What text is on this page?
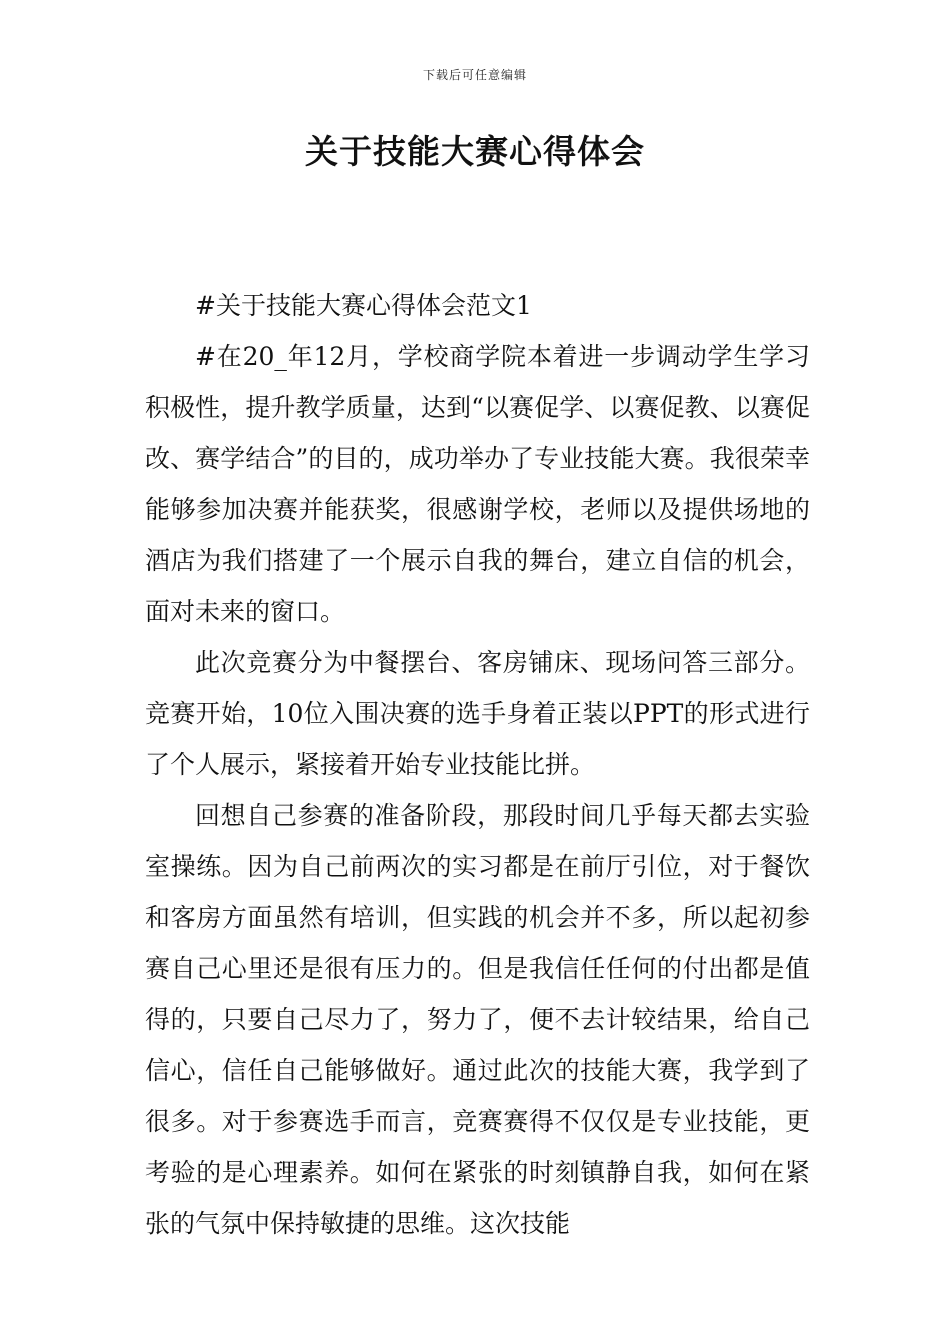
下载后可任意编辑
关于技能大赛心得体会

#关于技能大赛心得体会范文1

#在20_年12月，学校商学院本着进一步调动学生学习积极性，提升教学质量，达到“以赛促学、以赛促教、以赛促改、赛学结合”的目的，成功举办了专业技能大赛。我很荣幸能够参加决赛并能获奖，很感谢学校，老师以及提供场地的酒店为我们搭建了一个展示自我的舞台，建立自信的机会，面对未来的窗口。

此次竞赛分为中餐摆台、客房铺床、现场问答三部分。竞赛开始，10位入围决赛的选手身着正装以PPT的形式进行了个人展示，紧接着开始专业技能比拼。

回想自己参赛的准备阶段，那段时间几乎每天都去实验室操练。因为自己前两次的实习都是在前厅引位，对于餐饮和客房方面虽然有培训，但实践的机会并不多，所以起初参赛自己心里还是很有压力的。但是我信任任何的付出都是值得的，只要自己尽力了，努力了，便不去计较结果，给自己信心，信任自己能够做好。通过此次的技能大赛，我学到了很多。对于参赛选手而言，竞赛赛得不仅仅是专业技能，更考验的是心理素养。如何在紧张的时刻镇静自我，如何在紧张的气氛中保持敏捷的思维。这次技能
